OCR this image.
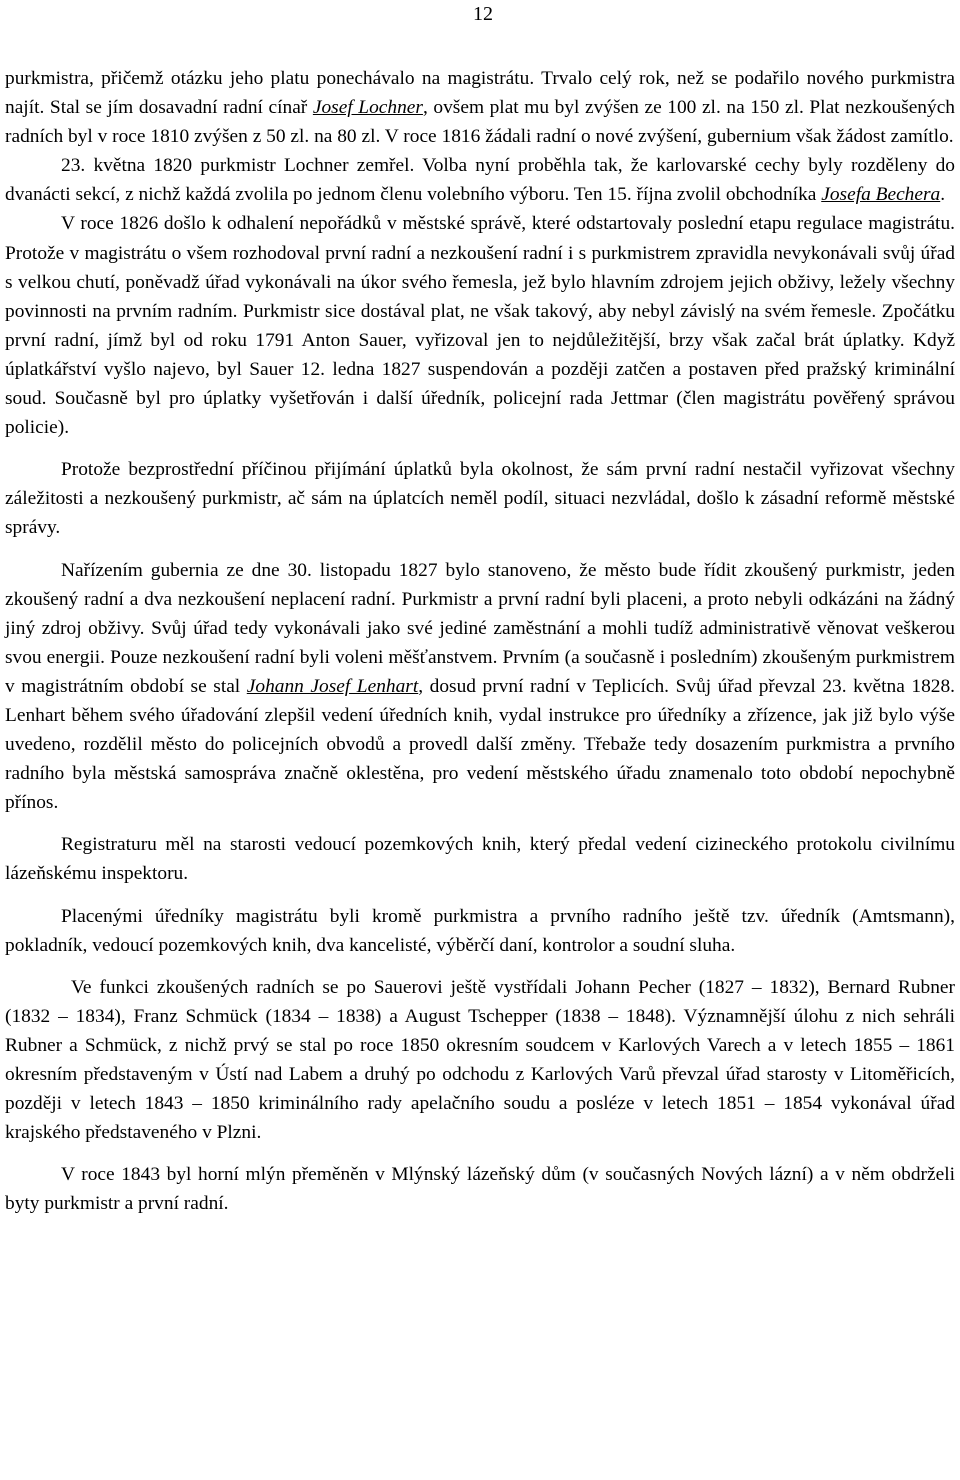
12

purkmistra, přičemž otázku jeho platu ponechávalo na magistrátu. Trvalo celý rok, než se podařilo nového purkmistra najít. Stal se jím dosavadní radní cínař Josef Lochner, ovšem plat mu byl zvýšen ze 100 zl. na 150 zl. Plat nezkoušených radních byl v roce 1810 zvýšen z 50 zl. na 80 zl. V roce 1816 žádali radní o nové zvýšení, gubernium však žádost zamítlo.

23. května 1820 purkmistr Lochner zemřel. Volba nyní proběhla tak, že karlovarské cechy byly rozděleny do dvanácti sekcí, z nichž každá zvolila po jednom členu volebního výboru. Ten 15. října zvolil obchodníka Josefa Bechera.

V roce 1826 došlo k odhalení nepořádků v městské správě, které odstartovaly poslední etapu regulace magistrátu. Protože v magistrátu o všem rozhodoval první radní a nezkoušení radní i s purkmistrem zpravidla nevykonávali svůj úřad s velkou chutí, poněvadž úřad vykonávali na úkor svého řemesla, jež bylo hlavním zdrojem jejich obživy, ležely všechny povinnosti na prvním radním. Purkmistr sice dostával plat, ne však takový, aby nebyl závislý na svém řemesle. Zpočátku první radní, jímž byl od roku 1791 Anton Sauer, vyřizoval jen to nejdůležitější, brzy však začal brát úplatky. Když úplatkářství vyšlo najevo, byl Sauer 12. ledna 1827 suspendován a později zatčen a postaven před pražský kriminální soud. Současně byl pro úplatky vyšetřován i další úředník, policejní rada Jettmar (člen magistrátu pověřený správou policie).

Protože bezprostřední příčinou přijímání úplatků byla okolnost, že sám první radní nestačil vyřizovat všechny záležitosti a nezkoušený purkmistr, ač sám na úplatcích neměl podíl, situaci nezvládal, došlo k zásadní reformě městské správy.

Nařízením gubernia ze dne 30. listopadu 1827 bylo stanoveno, že město bude řídit zkoušený purkmistr, jeden zkoušený radní a dva nezkoušení neplacení radní. Purkmistr a první radní byli placeni, a proto nebyli odkázáni na žádný jiný zdroj obživy. Svůj úřad tedy vykonávali jako své jediné zaměstnání a mohli tudíž administrativě věnovat veškerou svou energii. Pouze nezkoušení radní byli voleni měšťanstvem. Prvním (a současně i posledním) zkoušeným purkmistrem v magistrátním období se stal Johann Josef Lenhart, dosud první radní v Teplicích. Svůj úřad převzal 23. května 1828. Lenhart během svého úřadování zlepšil vedení úředních knih, vydal instrukce pro úředníky a zřízence, jak již bylo výše uvedeno, rozdělil město do policejních obvodů a provedl další změny. Třebaže tedy dosazením purkmistra a prvního radního byla městská samospráva značně oklestěna, pro vedení městského úřadu znamenalo toto období nepochybně přínos.

Registraturu měl na starosti vedoucí pozemkových knih, který předal vedení cizineckého protokolu civilnímu lázeňskému inspektoru.

Placenými úředníky magistrátu byli kromě purkmistra a prvního radního ještě tzv. úředník (Amtsmann), pokladník, vedoucí pozemkových knih, dva kancelisté, výběrčí daní, kontrolor a soudní sluha.

Ve funkci zkoušených radních se po Sauerovi ještě vystřídali Johann Pecher (1827 – 1832), Bernard Rubner (1832 – 1834), Franz Schmück (1834 – 1838) a August Tschepper (1838 – 1848). Významnější úlohu z nich sehráli Rubner a Schmück, z nichž prvý se stal po roce 1850 okresním soudcem v Karlových Varech a v letech 1855 – 1861 okresním představeným v Ústí nad Labem a druhý po odchodu z Karlových Varů převzal úřad starosty v Litoměřicích, později v letech 1843 – 1850 kriminálního rady apelačního soudu a posléze v letech 1851 – 1854 vykonával úřad krajského představeného v Plzni.

V roce 1843 byl horní mlýn přeměněn v Mlýnský lázeňský dům (v současných Nových lázní) a v něm obdrželi byty purkmistr a první radní.
